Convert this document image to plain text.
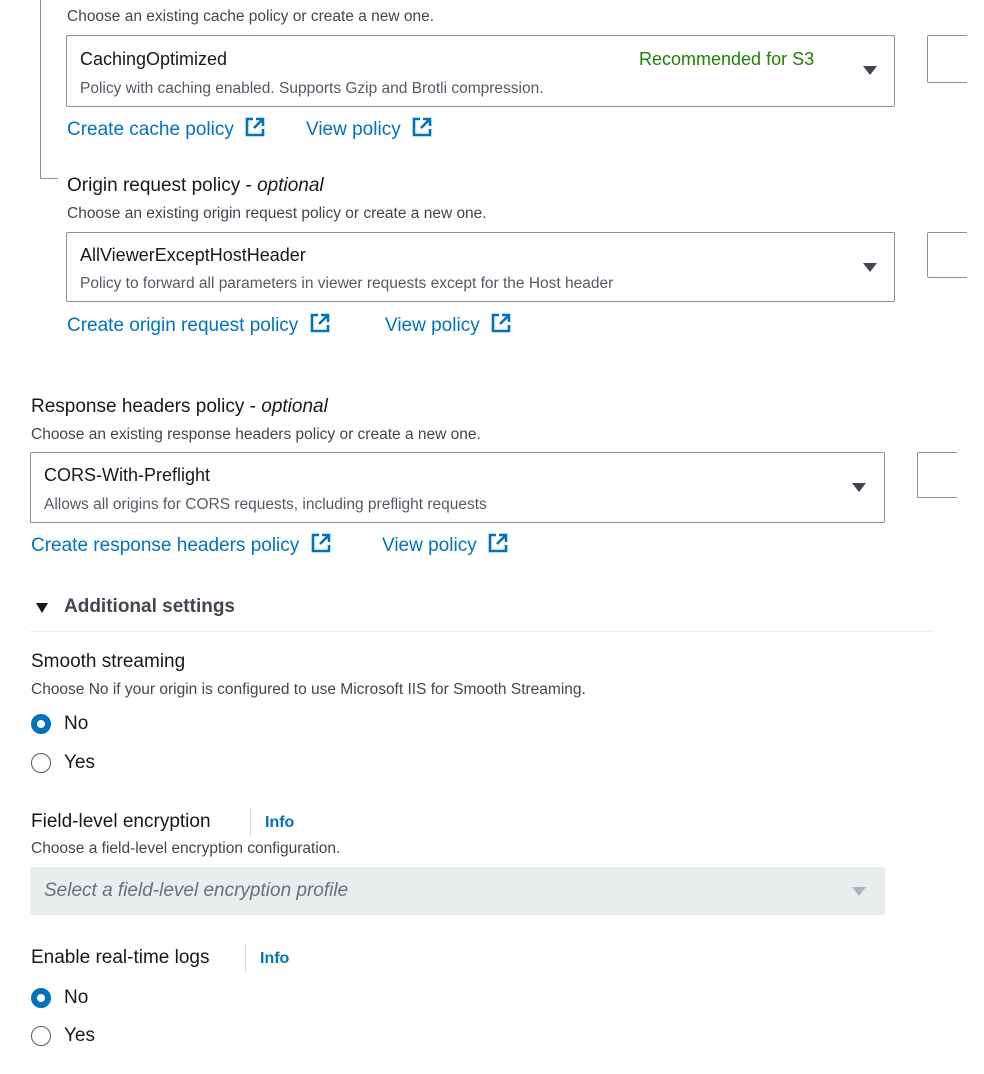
Choose an existing cache policy or create a new one.
CachingOptimized	Recommended for S3
Policy with caching enabled. Supports Gzip and Brotli compression.
Create cache policy	View policy
Origin request policy - optional
Choose an existing origin request policy or create a new one.
AllViewerExceptHostHeader
Policy to forward all parameters in viewer requests except for the Host header
Create origin request policy	View policy
Response headers policy - optional
Choose an existing response headers policy or create a new one.
CORS-With-Preflight
Allows all origins for CORS requests, including preflight requests
Create response headers policy	View policy
Additional settings
Smooth streaming
Choose No if your origin is configured to use Microsoft IIS for Smooth Streaming.
No
Yes
Field-level encryption	Info
Choose a field-level encryption configuration.
Select a field-level encryption profile
Enable real-time logs	Info
No
Yes
